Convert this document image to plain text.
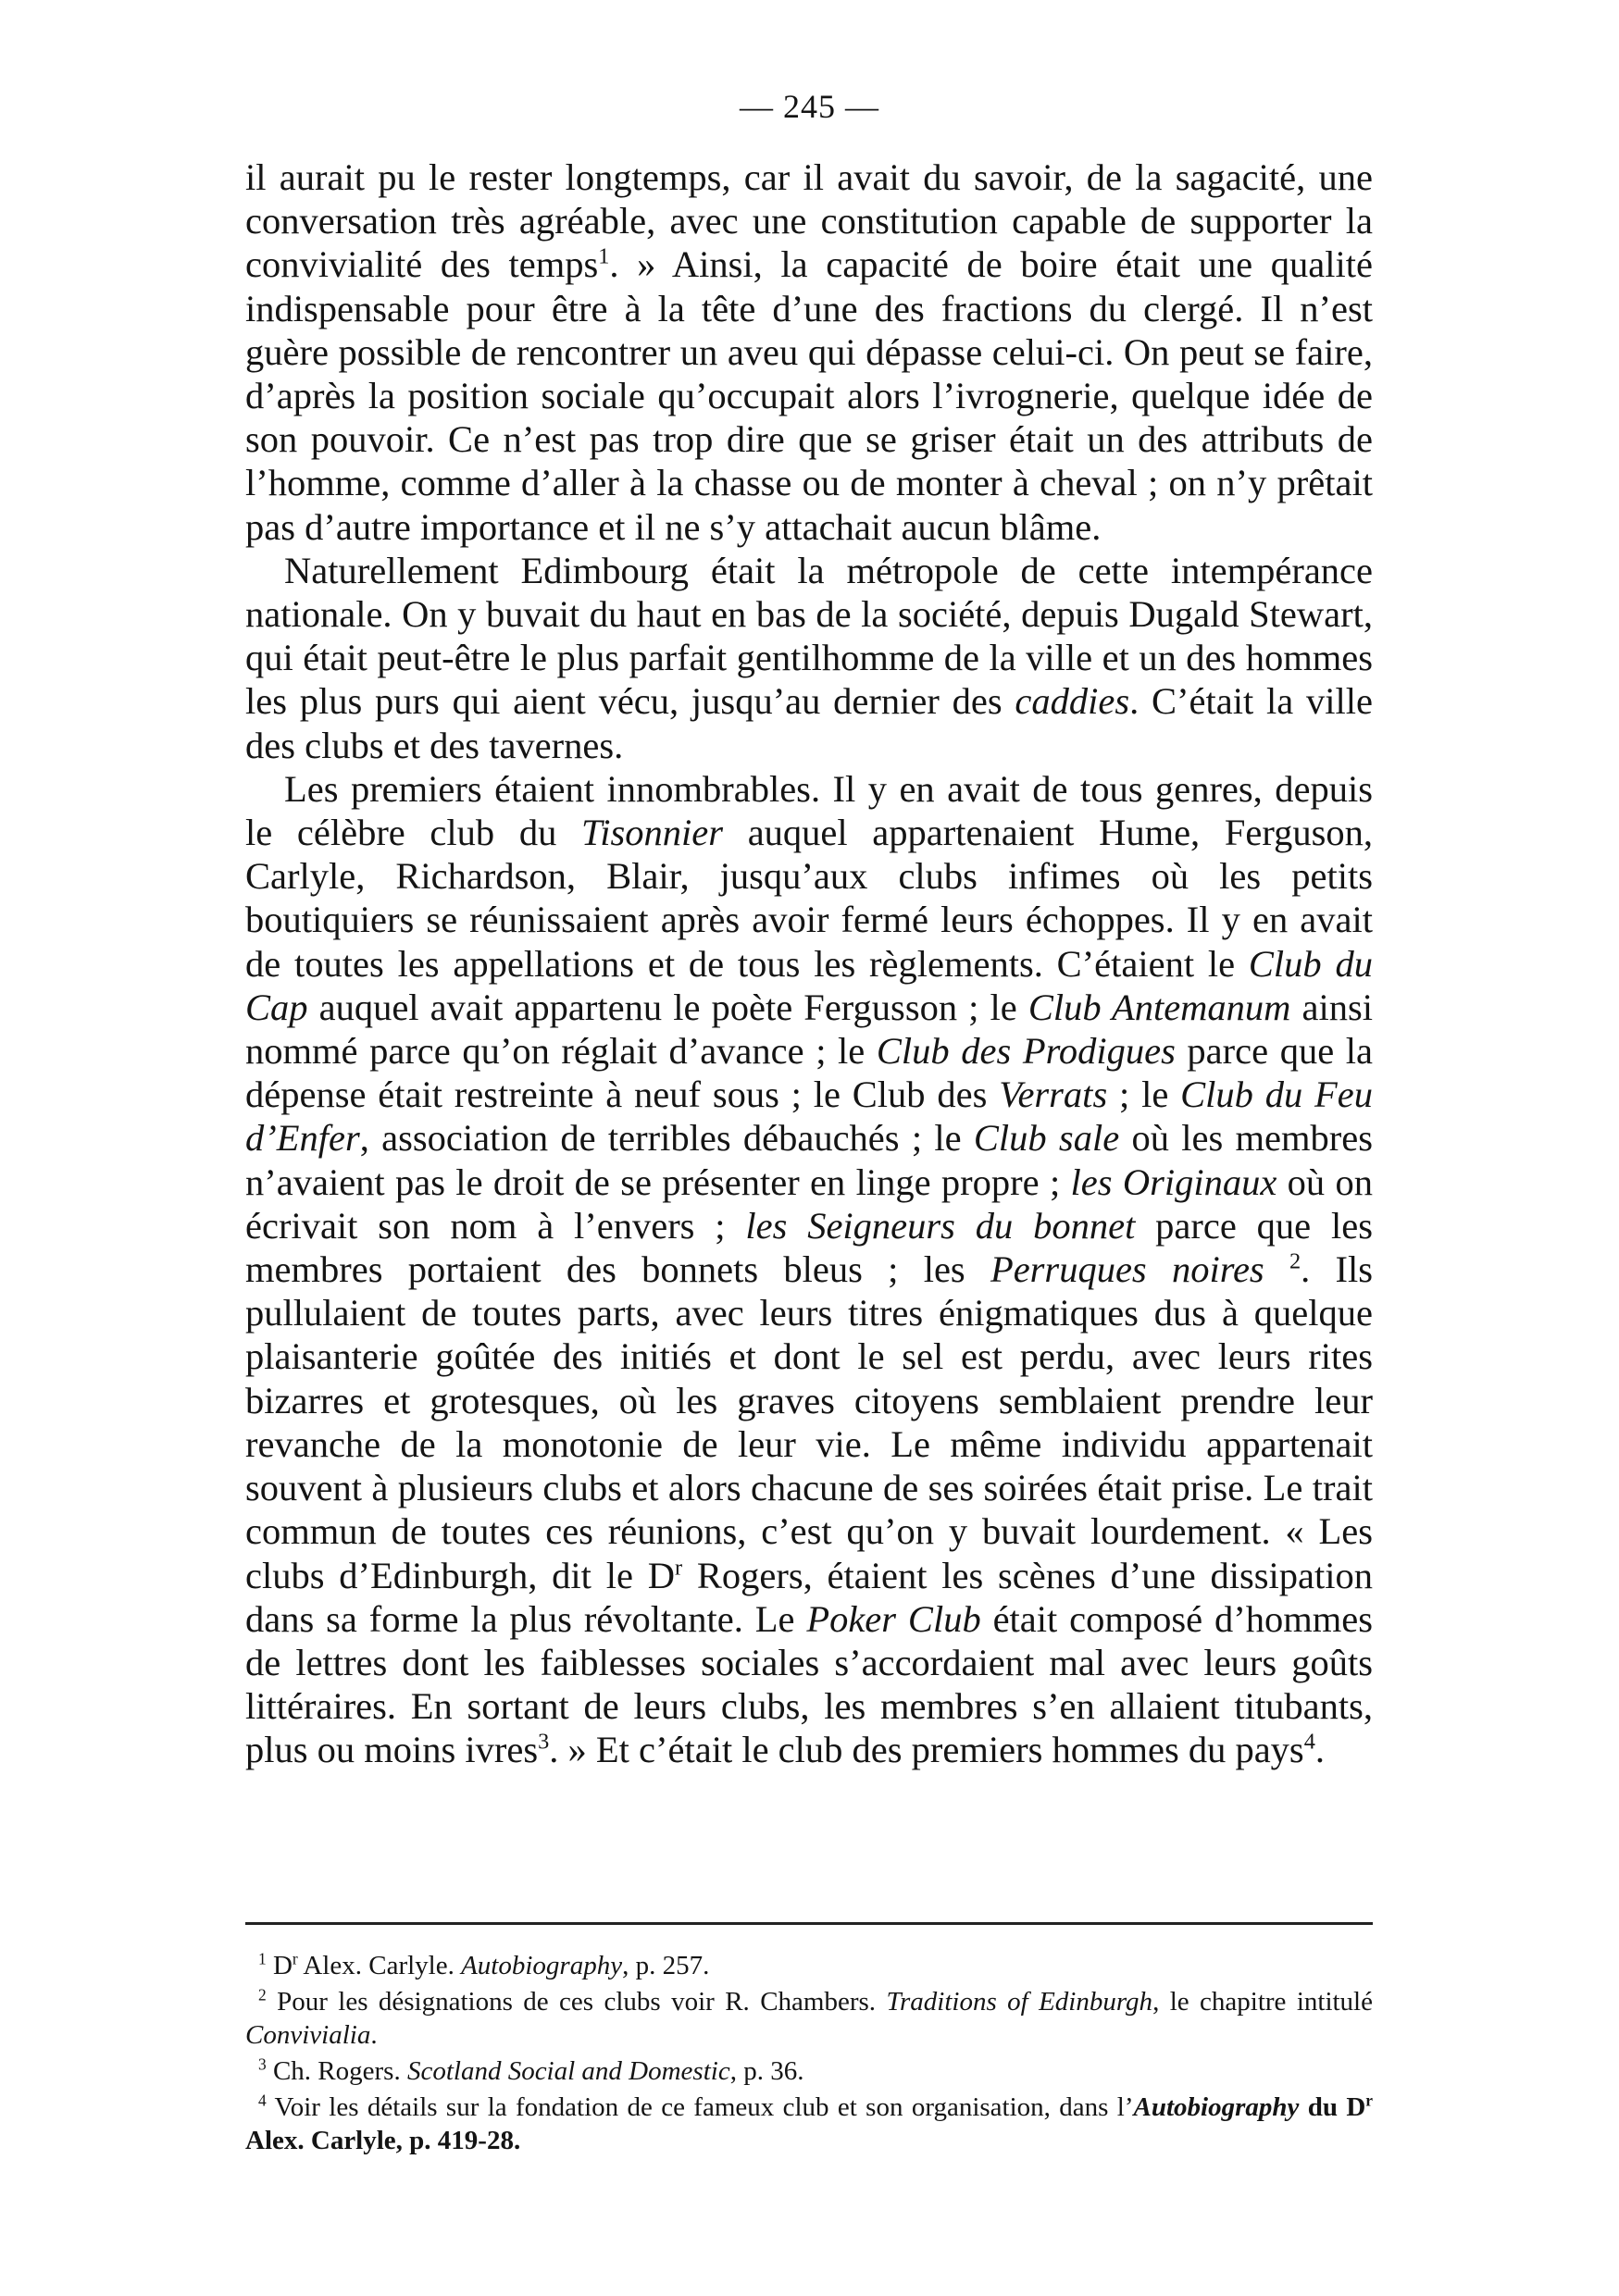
— 245 —

il aurait pu le rester longtemps, car il avait du savoir, de la sagacité, une conversation très agréable, avec une constitution capable de supporter la convivialité des temps$^1$. » Ainsi, la capacité de boire était une qualité indispensable pour être à la tête d’une des fractions du clergé. Il n’est guère possible de rencontrer un aveu qui dépasse celui-ci. On peut se faire, d’après la position sociale qu’occupait alors l’ivrognerie, quelque idée de son pouvoir. Ce n’est pas trop dire que se griser était un des attributs de l’homme, comme d’aller à la chasse ou de monter à cheval ; on n’y prêtait pas d’autre importance et il ne s’y attachait aucun blâme.

Naturellement Edimbourg était la métropole de cette intempérance nationale. On y buvait du haut en bas de la société, depuis Dugald Stewart, qui était peut-être le plus parfait gentilhomme de la ville et un des hommes les plus purs qui aient vécu, jusqu’au dernier des caddies. C’était la ville des clubs et des tavernes.

Les premiers étaient innombrables. Il y en avait de tous genres, depuis le célèbre club du Tisonnier auquel appartenaient Hume, Ferguson, Carlyle, Richardson, Blair, jusqu’aux clubs infimes où les petits boutiquiers se réunissaient après avoir fermé leurs échoppes. Il y en avait de toutes les appellations et de tous les règlements. C’étaient le Club du Cap auquel avait appartenu le poète Fergusson ; le Club Antemanum ainsi nommé parce qu’on réglait d’avance ; le Club des Prodigues parce que la dépense était restreinte à neuf sous ; le Club des Verrats ; le Club du Feu d’Enfer, association de terribles débauchés ; le Club sale où les membres n’avaient pas le droit de se présenter en linge propre ; les Originaux où on écrivait son nom à l’envers ; les Seigneurs du bonnet parce que les membres portaient des bonnets bleus ; les Perruques noires $^2$. Ils pullulaient de toutes parts, avec leurs titres énigmatiques dus à quelque plaisanterie goûtée des initiés et dont le sel est perdu, avec leurs rites bizarres et grotesques, où les graves citoyens semblaient prendre leur revanche de la monotonie de leur vie. Le même individu appartenait souvent à plusieurs clubs et alors chacune de ses soirées était prise. Le trait commun de toutes ces réunions, c’est qu’on y buvait lourdement. « Les clubs d’Edinburgh, dit le $D^r$ Rogers, étaient les scènes d’une dissipation dans sa forme la plus révoltante. Le Poker Club était composé d’hommes de lettres dont les faiblesses sociales s’accordaient mal avec leurs goûts littéraires. En sortant de leurs clubs, les membres s’en allaient titubants, plus ou moins ivres$^3$. » Et c’était le club des premiers hommes du pays$^4$.

$^1$ $D^r$ Alex. Carlyle. Autobiography, p. 257.

$^2$ Pour les désignations de ces clubs voir R. Chambers. Traditions of Edinburgh, le chapitre intitulé Convivialia.

$^3$ Ch. Rogers. Scotland Social and Domestic, p. 36.

$^4$ Voir les détails sur la fondation de ce fameux club et son organisation, dans l’Autobiography du $D^r$ Alex. Carlyle, p. 419-28.
